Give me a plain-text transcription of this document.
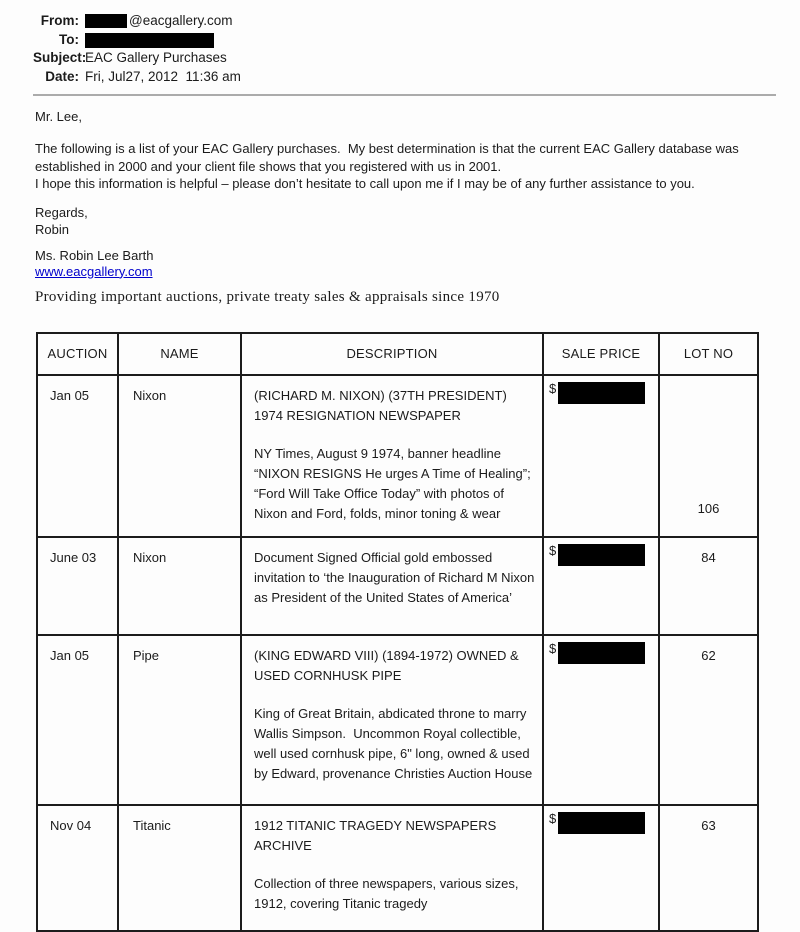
From:	@eacgallery.com
To:
Subject:
EAC Gallery Purchases
Date: Fri, Jul27, 2012  11:36 am

Mr. Lee,

The following is a list of your EAC Gallery purchases.  My best determination is that the current EAC Gallery database was
established in 2000 and your client file shows that you registered with us in 2001.
I hope this information is helpful – please don’t hesitate to call upon me if I may be of any further assistance to you.

Regards,
Robin

Ms. Robin Lee Barth
www.eacgallery.com

Providing important auctions, private treaty sales & appraisals since 1970

AUCTION	NAME	DESCRIPTION	SALE PRICE	LOT NO
Jan 05	Nixon	(RICHARD M. NIXON) (37TH PRESIDENT)
1974 RESIGNATION NEWSPAPER
NY Times, August 9 1974, banner headline
“NIXON RESIGNS He urges A Time of Healing”;
“Ford Will Take Office Today” with photos of
Nixon and Ford, folds, minor toning & wear
	$	106
June 03	Nixon	Document Signed Official gold embossed
invitation to ‘the Inauguration of Richard M Nixon
as President of the United States of America’	$	84
Jan 05	Pipe	(KING EDWARD VIII) (1894-1972) OWNED &
USED CORNHUSK PIPE
King of Great Britain, abdicated throne to marry
Wallis Simpson.  Uncommon Royal collectible,
well used cornhusk pipe, 6" long, owned & used
by Edward, provenance Christies Auction House
	$	62
Nov 04	Titanic	1912 TITANIC TRAGEDY NEWSPAPERS
ARCHIVE
Collection of three newspapers, various sizes,
1912, covering Titanic tragedy	$	63
